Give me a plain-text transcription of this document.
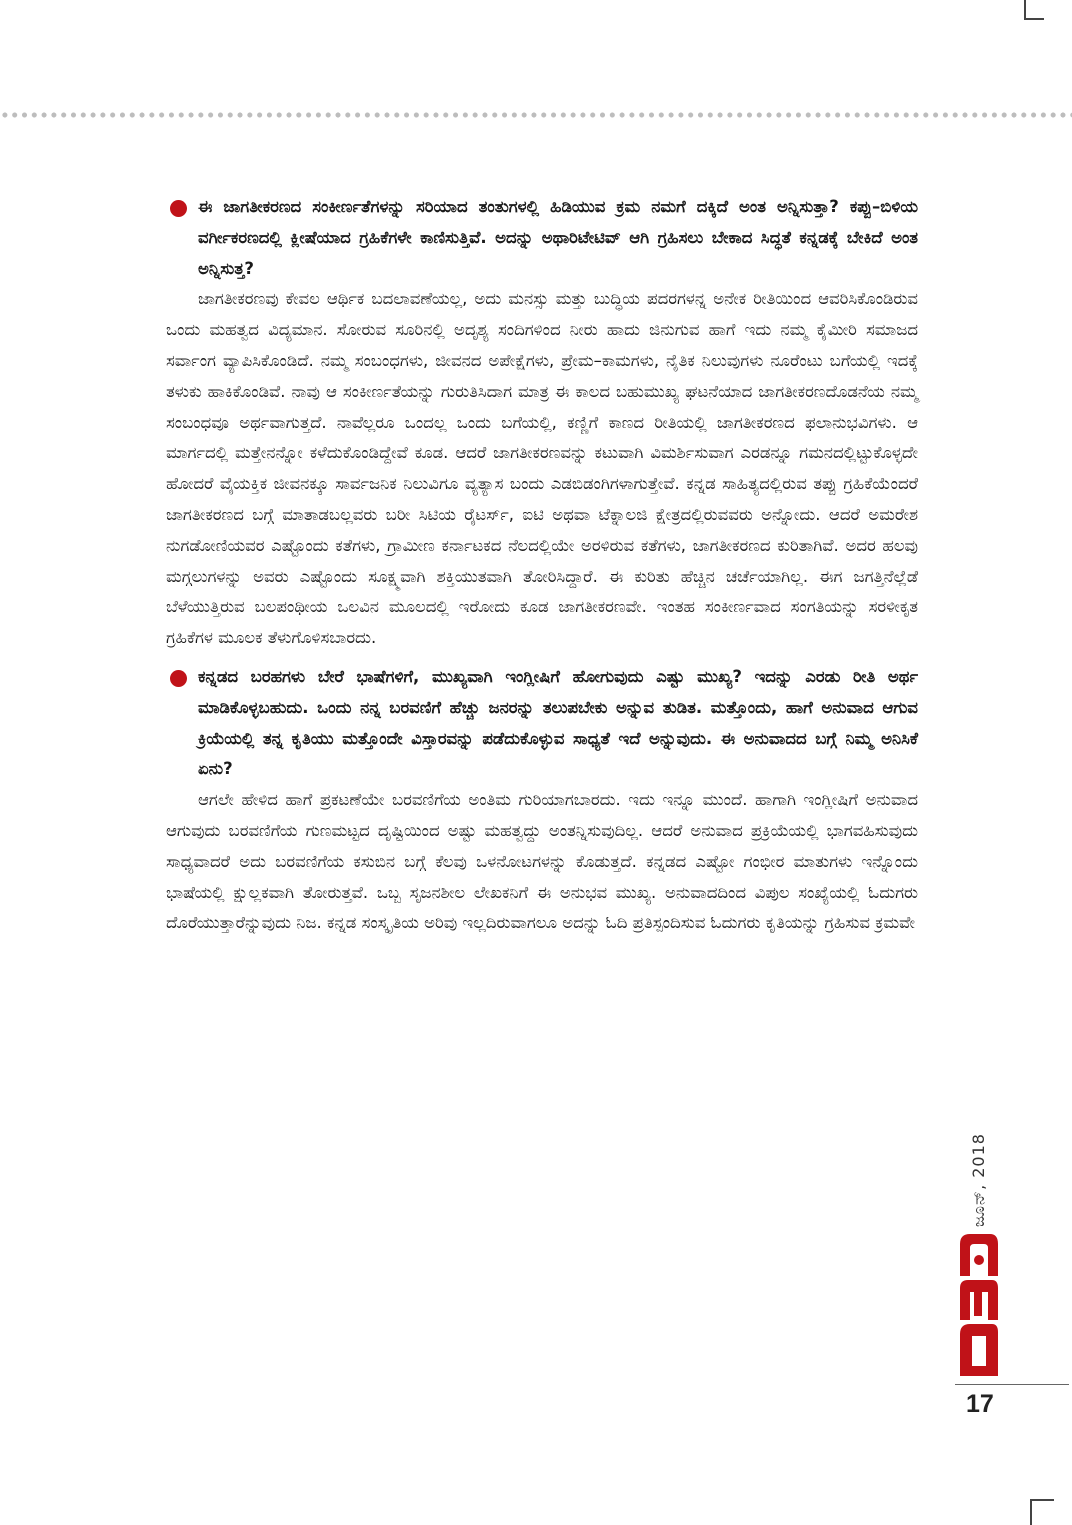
ಈ ಜಾಗತೀಕರಣದ ಸಂಕೀರ್ಣತೆಗಳನ್ನು ಸರಿಯಾದ ತಂತುಗಳಲ್ಲಿ ಹಿಡಿಯುವ ಕ್ರಮ ನಮಗೆ ದಕ್ಕಿದೆ ಅಂತ ಅನ್ನಿಸುತ್ತಾ? ಕಪ್ಪು–ಬಿಳಿಯ ವರ್ಗೀಕರಣದಲ್ಲಿ ಕ್ಲೀಷೆಯಾದ ಗ್ರಹಿಕೆಗಳೇ ಕಾಣಿಸುತ್ತಿವೆ. ಅದನ್ನು ಅಥಾರಿಟೇಟಿವ್ ಆಗಿ ಗ್ರಹಿಸಲು ಬೇಕಾದ ಸಿದ್ಧತೆ ಕನ್ನಡಕ್ಕೆ ಬೇಕಿದೆ ಅಂತ ಅನ್ನಿಸುತ್ತ?

ಜಾಗತೀಕರಣವು ಕೇವಲ ಆರ್ಥಿಕ ಬದಲಾವಣೆಯಲ್ಲ, ಅದು ಮನಸ್ಸು ಮತ್ತು ಬುದ್ಧಿಯ ಪದರಗಳನ್ನ ಅನೇಕ ರೀತಿಯಿಂದ ಆವರಿಸಿಕೊಂಡಿರುವ ಒಂದು ಮಹತ್ವದ ವಿದ್ಯಮಾನ. ಸೋರುವ ಸೂರಿನಲ್ಲಿ ಅದೃಶ್ಯ ಸಂದಿಗಳಿಂದ ನೀರು ಹಾದು ಜಿನುಗುವ ಹಾಗೆ ಇದು ನಮ್ಮ ಕೈಮೀರಿ ಸಮಾಜದ ಸರ್ವಾಂಗ ವ್ಯಾಪಿಸಿಕೊಂಡಿದೆ. ನಮ್ಮ ಸಂಬಂಧಗಳು, ಜೀವನದ ಅಪೇಕ್ಷೆಗಳು, ಪ್ರೇಮ–ಕಾಮಗಳು, ನೈತಿಕ ನಿಲುವುಗಳು ನೂರೆಂಟು ಬಗೆಯಲ್ಲಿ ಇದಕ್ಕೆ ತಳುಕು ಹಾಕಿಕೊಂಡಿವೆ. ನಾವು ಆ ಸಂಕೀರ್ಣತೆಯನ್ನು ಗುರುತಿಸಿದಾಗ ಮಾತ್ರ ಈ ಕಾಲದ ಬಹುಮುಖ್ಯ ಘಟನೆಯಾದ ಜಾಗತೀಕರಣದೊಡನೆಯ ನಮ್ಮ ಸಂಬಂಧವೂ ಅರ್ಥವಾಗುತ್ತದೆ. ನಾವೆಲ್ಲರೂ ಒಂದಲ್ಲ ಒಂದು ಬಗೆಯಲ್ಲಿ, ಕಣ್ಣಿಗೆ ಕಾಣದ ರೀತಿಯಲ್ಲಿ ಜಾಗತೀಕರಣದ ಫಲಾನುಭವಿಗಳು. ಆ ಮಾರ್ಗದಲ್ಲಿ ಮತ್ತೇನನ್ನೋ ಕಳೆದುಕೊಂಡಿದ್ದೇವೆ ಕೂಡ. ಆದರೆ ಜಾಗತೀಕರಣವನ್ನು ಕಟುವಾಗಿ ವಿಮರ್ಶಿಸುವಾಗ ಎರಡನ್ನೂ ಗಮನದಲ್ಲಿಟ್ಟುಕೊಳ್ಳದೇ ಹೋದರೆ ವೈಯಕ್ತಿಕ ಜೀವನಕ್ಕೂ ಸಾರ್ವಜನಿಕ ನಿಲುವಿಗೂ ವ್ಯತ್ಯಾಸ ಬಂದು ಎಡಬಿಡಂಗಿಗಳಾಗುತ್ತೇವೆ. ಕನ್ನಡ ಸಾಹಿತ್ಯದಲ್ಲಿರುವ ತಪ್ಪು ಗ್ರಹಿಕೆಯೆಂದರೆ ಜಾಗತೀಕರಣದ ಬಗ್ಗೆ ಮಾತಾಡಬಲ್ಲವರು ಬರೀ ಸಿಟಿಯ ರೈಟರ್ಸ್, ಐಟಿ ಅಥವಾ ಟೆಕ್ನಾಲಜಿ ಕ್ಷೇತ್ರದಲ್ಲಿರುವವರು ಅನ್ನೋದು. ಆದರೆ ಅಮರೇಶ ನುಗಡೋಣಿಯವರ ಎಷ್ಟೊಂದು ಕತೆಗಳು, ಗ್ರಾಮೀಣ ಕರ್ನಾಟಕದ ನೆಲದಲ್ಲಿಯೇ ಅರಳಿರುವ ಕತೆಗಳು, ಜಾಗತೀಕರಣದ ಕುರಿತಾಗಿವೆ. ಅದರ ಹಲವು ಮಗ್ಗಲುಗಳನ್ನು ಅವರು ಎಷ್ಟೊಂದು ಸೂಕ್ಷ್ಮವಾಗಿ ಶಕ್ತಿಯುತವಾಗಿ ತೋರಿಸಿದ್ದಾರೆ. ಈ ಕುರಿತು ಹೆಚ್ಚಿನ ಚರ್ಚೆಯಾಗಿಲ್ಲ. ಈಗ ಜಗತ್ತಿನೆಲ್ಲೆಡೆ ಬೆಳೆಯುತ್ತಿರುವ ಬಲಪಂಥೀಯ ಒಲವಿನ ಮೂಲದಲ್ಲಿ ಇರೋದು ಕೂಡ ಜಾಗತೀಕರಣವೇ. ಇಂತಹ ಸಂಕೀರ್ಣವಾದ ಸಂಗತಿಯನ್ನು ಸರಳೀಕೃತ ಗ್ರಹಿಕೆಗಳ ಮೂಲಕ ತೆಳುಗೊಳಿಸಬಾರದು.

ಕನ್ನಡದ ಬರಹಗಳು ಬೇರೆ ಭಾಷೆಗಳಿಗೆ, ಮುಖ್ಯವಾಗಿ ಇಂಗ್ಲೀಷಿಗೆ ಹೋಗುವುದು ಎಷ್ಟು ಮುಖ್ಯ? ಇದನ್ನು ಎರಡು ರೀತಿ ಅರ್ಥ ಮಾಡಿಕೊಳ್ಳಬಹುದು. ಒಂದು ನನ್ನ ಬರವಣಿಗೆ ಹೆಚ್ಚು ಜನರನ್ನು ತಲುಪಬೇಕು ಅನ್ನುವ ತುಡಿತ. ಮತ್ತೊಂದು, ಹಾಗೆ ಅನುವಾದ ಆಗುವ ಕ್ರಿಯೆಯಲ್ಲಿ ತನ್ನ ಕೃತಿಯು ಮತ್ತೊಂದೇ ವಿಸ್ತಾರವನ್ನು ಪಡೆದುಕೊಳ್ಳುವ ಸಾಧ್ಯತೆ ಇದೆ ಅನ್ನುವುದು. ಈ ಅನುವಾದದ ಬಗ್ಗೆ ನಿಮ್ಮ ಅನಿಸಿಕೆ ಏನು?

ಆಗಲೇ ಹೇಳಿದ ಹಾಗೆ ಪ್ರಕಟಣೆಯೇ ಬರವಣಿಗೆಯ ಅಂತಿಮ ಗುರಿಯಾಗಬಾರದು. ಇದು ಇನ್ನೂ ಮುಂದೆ. ಹಾಗಾಗಿ ಇಂಗ್ಲೀಷಿಗೆ ಅನುವಾದ ಆಗುವುದು ಬರವಣಿಗೆಯ ಗುಣಮಟ್ಟದ ದೃಷ್ಟಿಯಿಂದ ಅಷ್ಟು ಮಹತ್ವದ್ದು ಅಂತನ್ನಿಸುವುದಿಲ್ಲ. ಆದರೆ ಅನುವಾದ ಪ್ರಕ್ರಿಯೆಯಲ್ಲಿ ಭಾಗವಹಿಸುವುದು ಸಾಧ್ಯವಾದರೆ ಅದು ಬರವಣಿಗೆಯ ಕಸುಬಿನ ಬಗ್ಗೆ ಕೆಲವು ಒಳನೋಟಗಳನ್ನು ಕೊಡುತ್ತದೆ. ಕನ್ನಡದ ಎಷ್ಟೋ ಗಂಭೀರ ಮಾತುಗಳು ಇನ್ನೊಂದು ಭಾಷೆಯಲ್ಲಿ ಕ್ಷುಲ್ಲಕವಾಗಿ ತೋರುತ್ತವೆ. ಒಬ್ಬ ಸೃಜನಶೀಲ ಲೇಖಕನಿಗೆ ಈ ಅನುಭವ ಮುಖ್ಯ. ಅನುವಾದದಿಂದ ವಿಪುಲ ಸಂಖ್ಯೆಯಲ್ಲಿ ಓದುಗರು ದೊರೆಯುತ್ತಾರೆನ್ನುವುದು ನಿಜ. ಕನ್ನಡ ಸಂಸ್ಕೃತಿಯ ಅರಿವು ಇಲ್ಲದಿರುವಾಗಲೂ ಅದನ್ನು ಓದಿ ಪ್ರತಿಸ್ಪಂದಿಸುವ ಓದುಗರು ಕೃತಿಯನ್ನು ಗ್ರಹಿಸುವ ಕ್ರಮವೇ

ಜೂನ್, 2018
17
